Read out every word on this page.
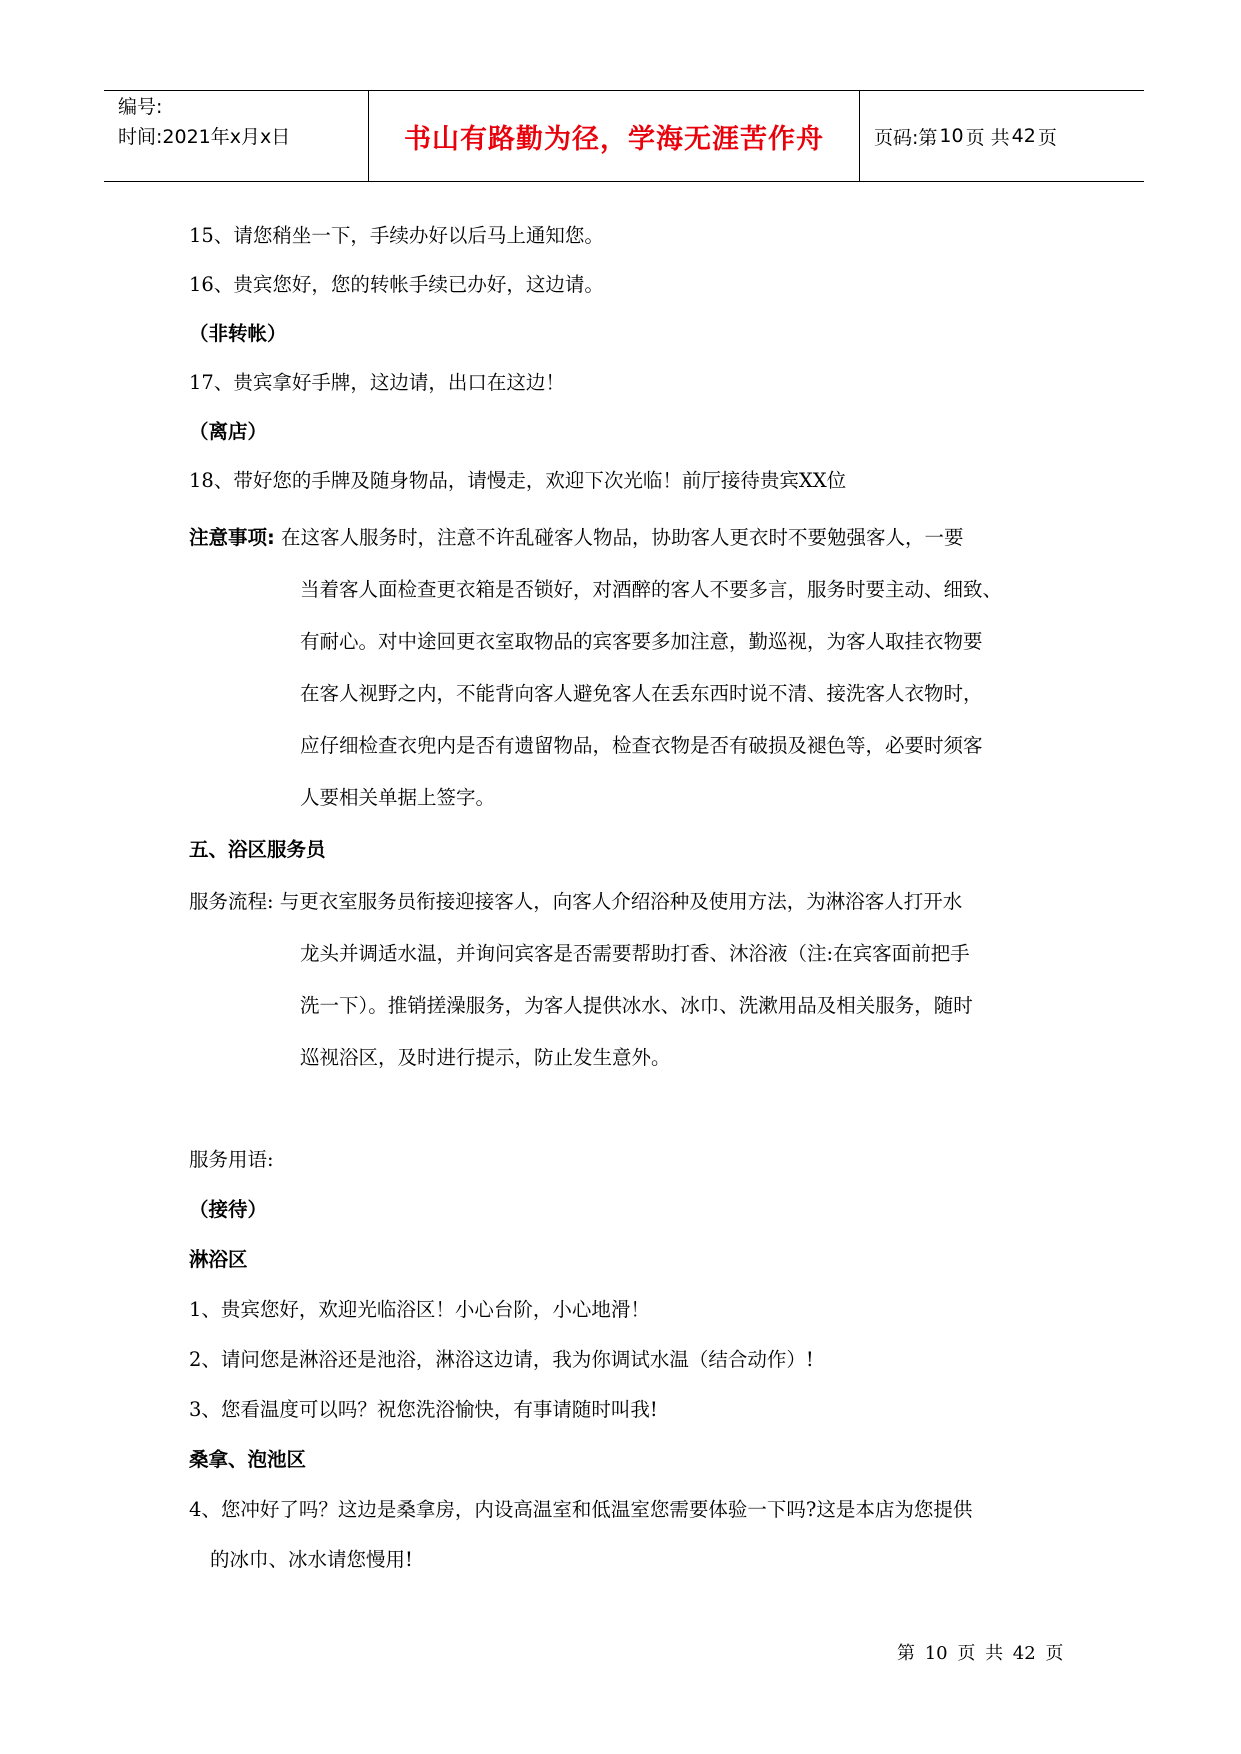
编号:
时间:2021年x月x日	书山有路勤为径，学海无涯苦作舟	页码:第 10 页 共 42 页
15、请您稍坐一下，手续办好以后马上通知您。
16、贵宾您好，您的转帐手续已办好，这边请。
（非转帐）
17、贵宾拿好手牌，这边请，出口在这边！
（离店）
18、带好您的手牌及随身物品，请慢走，欢迎下次光临！前厅接待贵宾XX位
注意事项: 在这客人服务时，注意不许乱碰客人物品，协助客人更衣时不要勉强客人，一要
当着客人面检查更衣箱是否锁好，对酒醉的客人不要多言，服务时要主动、细致、
有耐心。对中途回更衣室取物品的宾客要多加注意，勤巡视，为客人取挂衣物要
在客人视野之内，不能背向客人避免客人在丢东西时说不清、接洗客人衣物时，
应仔细检查衣兜内是否有遗留物品，检查衣物是否有破损及褪色等，必要时须客
人要相关单据上签字。
五、浴区服务员
服务流程: 与更衣室服务员衔接迎接客人，向客人介绍浴种及使用方法，为淋浴客人打开水
龙头并调适水温，并询问宾客是否需要帮助打香、沐浴液（注:在宾客面前把手
洗一下）。推销搓澡服务，为客人提供冰水、冰巾、洗漱用品及相关服务，随时
巡视浴区，及时进行提示，防止发生意外。
服务用语:
（接待）
淋浴区
1、贵宾您好，欢迎光临浴区！小心台阶，小心地滑！
2、请问您是淋浴还是池浴，淋浴这边请，我为你调试水温（结合动作）!
3、您看温度可以吗？祝您洗浴愉快，有事请随时叫我!
桑拿、泡池区
4、您冲好了吗？这边是桑拿房，内设高温室和低温室您需要体验一下吗?这是本店为您提供
的冰巾、冰水请您慢用!
第 10 页 共 42 页
